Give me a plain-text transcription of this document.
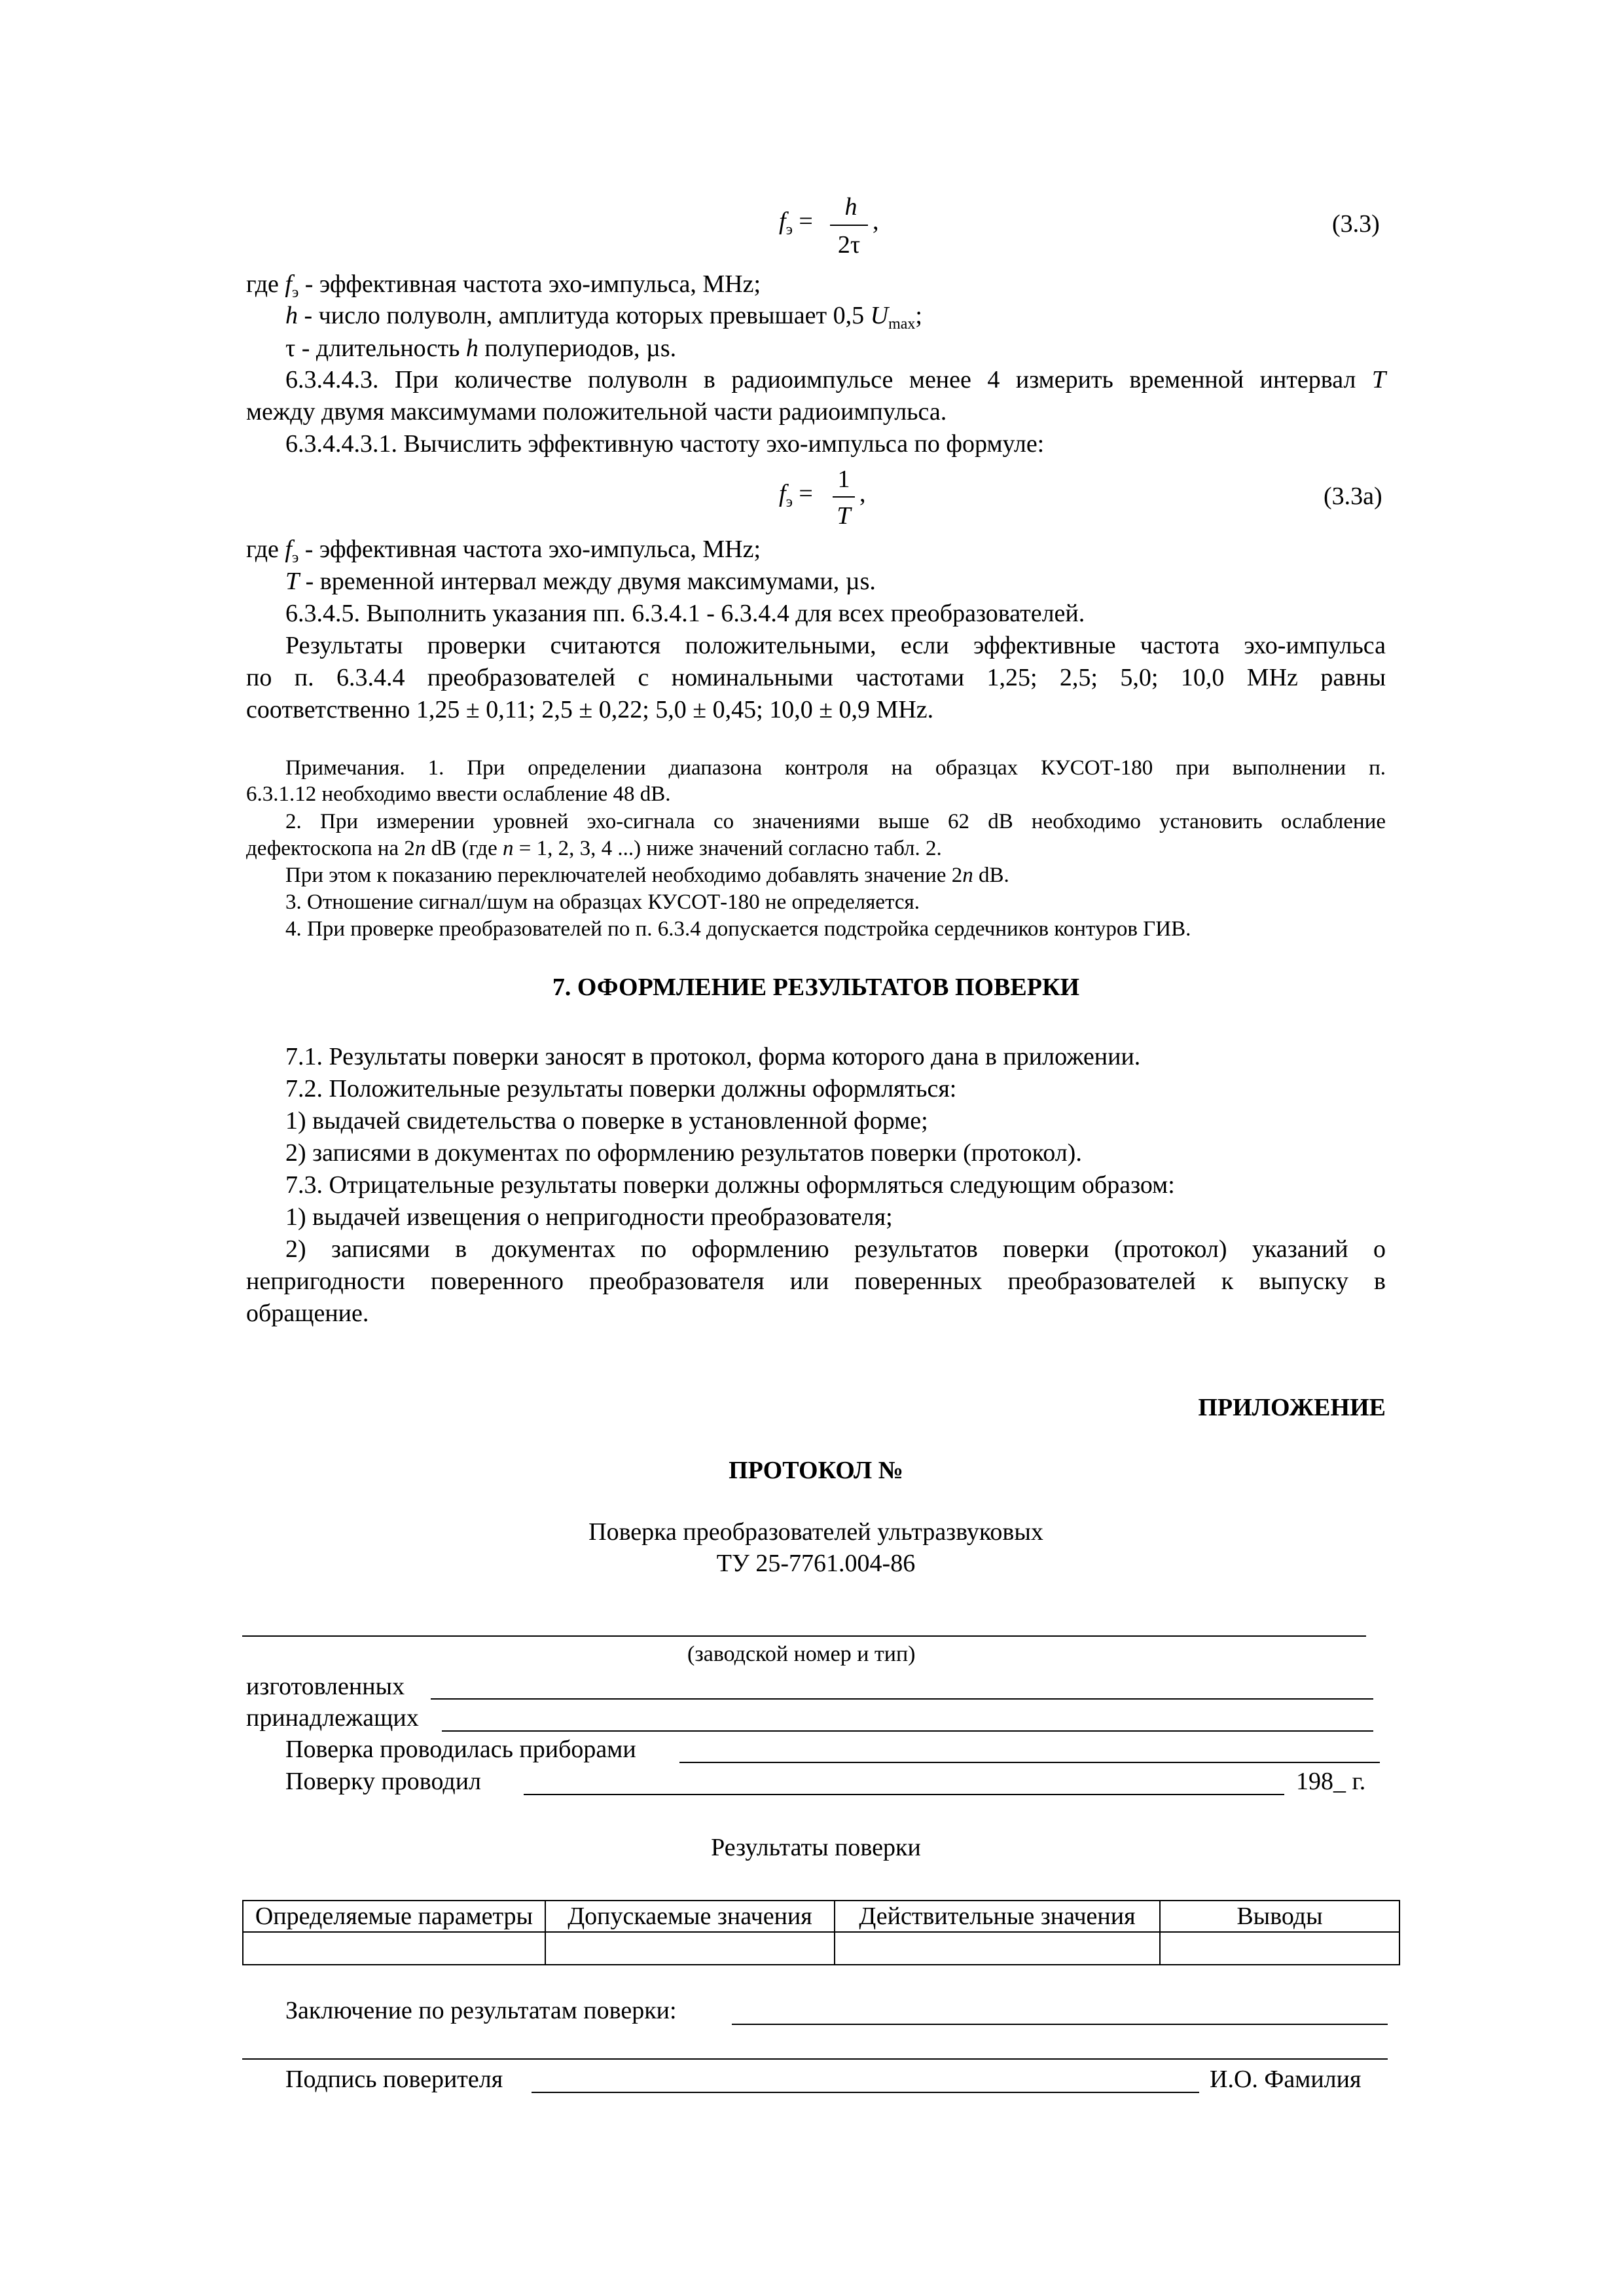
$f_э$ =
h
2τ
,	(3.3)
где $f_э$ - эффективная частота эхо-импульса, MHz;
h - число полуволн, амплитуда которых превышает 0,5 $U_{max}$;
τ - длительность h полупериодов, µs.
6.3.4.4.3. При количестве полуволн в радиоимпульсе менее 4 измерить временной интервал T
между двумя максимумами положительной части радиоимпульса.
6.3.4.4.3.1. Вычислить эффективную частоту эхо-импульса по формуле:
$f_э$ =
1
T
,	(3.3а)
где $f_э$ - эффективная частота эхо-импульса, MHz;
T - временной интервал между двумя максимумами, µs.
6.3.4.5. Выполнить указания пп. 6.3.4.1 - 6.3.4.4 для всех преобразователей.
Результаты проверки считаются положительными, если эффективные частота эхо-импульса
по п. 6.3.4.4 преобразователей с номинальными частотами 1,25; 2,5; 5,0; 10,0 MHz равны
соответственно 1,25 ± 0,11; 2,5 ± 0,22; 5,0 ± 0,45; 10,0 ± 0,9 MHz.
Примечания. 1. При определении диапазона контроля на образцах КУСОТ-180 при выполнении п.
6.3.1.12 необходимо ввести ослабление 48 dB.
2. При измерении уровней эхо-сигнала со значениями выше 62 dB необходимо установить ослабление
дефектоскопа на 2n dB (где n = 1, 2, 3, 4 ...) ниже значений согласно табл. 2.
При этом к показанию переключателей необходимо добавлять значение 2n dB.
3. Отношение сигнал/шум на образцах КУСОТ-180 не определяется.
4. При проверке преобразователей по п. 6.3.4 допускается подстройка сердечников контуров ГИВ.
7. ОФОРМЛЕНИЕ РЕЗУЛЬТАТОВ ПОВЕРКИ
7.1. Результаты поверки заносят в протокол, форма которого дана в приложении.
7.2. Положительные результаты поверки должны оформляться:
1) выдачей свидетельства о поверке в установленной форме;
2) записями в документах по оформлению результатов поверки (протокол).
7.3. Отрицательные результаты поверки должны оформляться следующим образом:
1) выдачей извещения о непригодности преобразователя;
2) записями в документах по оформлению результатов поверки (протокол) указаний о
непригодности поверенного преобразователя или поверенных преобразователей к выпуску в
обращение.
ПРИЛОЖЕНИЕ
ПРОТОКОЛ №
Поверка преобразователей ультразвуковых
ТУ 25-7761.004-86
(заводской номер и тип)
изготовленных
принадлежащих
Поверка проводилась приборами
Поверку проводил	198_ г.
Результаты поверки
Определяемые параметры	Допускаемые значения	Действительные значения	Выводы

Заключение по результатам поверки:
Подпись поверителя	И.О. Фамилия
